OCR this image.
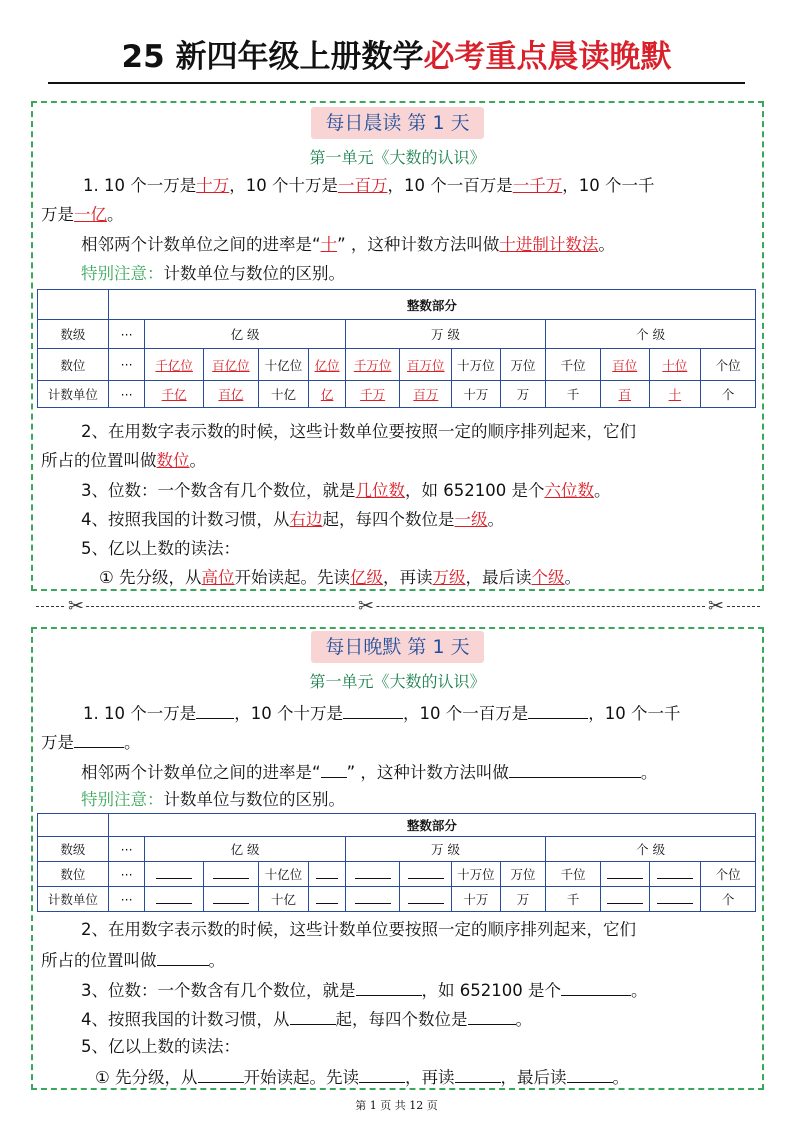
25 新四年级上册数学必考重点晨读晚默
每日晨读 第 1 天
第一单元《大数的认识》
1. 10 个一万是十万，10 个十万是一百万，10 个一百万是一千万，10 个一千
万是一亿。
相邻两个计数单位之间的进率是“十” ，这种计数方法叫做十进制计数法。
特别注意：计数单位与数位的区别。
	整数部分												
数级	···	亿 级				万 级				个 级			
数位	···	千亿位	百亿位	十亿位	亿位	千万位	百万位	十万位	万位	千位	百位	十位	个位
计数单位	···	千亿	百亿	十亿	亿	千万	百万	十万	万	千	百	十	个
2、在用数字表示数的时候，这些计数单位要按照一定的顺序排列起来，它们
所占的位置叫做数位。
3、位数：一个数含有几个数位，就是几位数，如 652100 是个六位数。
4、按照我国的计数习惯，从右边起，每四个数位是一级。
5、亿以上数的读法：
① 先分级，从高位开始读起。先读亿级，再读万级，最后读个级。
✂	✂	✂
每日晚默 第 1 天
第一单元《大数的认识》
1. 10 个一万是 ，10 个十万是	，10 个一百万是	，10 个一千
万是	。
相邻两个计数单位之间的进率是“ ” ，这种计数方法叫做	。
特别注意：计数单位与数位的区别。
	整数部分												
数级	···	亿 级				万 级				个 级			
数位	···			十亿位				十万位	万位	千位			个位
计数单位	···			十亿				十万	万	千			个
2、在用数字表示数的时候，这些计数单位要按照一定的顺序排列起来，它们
所占的位置叫做	。
3、位数：一个数含有几个数位，就是	，如 652100 是个	。
4、按照我国的计数习惯，从	起，每四个数位是	。
5、亿以上数的读法：
① 先分级，从	开始读起。先读	，再读	，最后读	。
第 1 页 共 12 页
